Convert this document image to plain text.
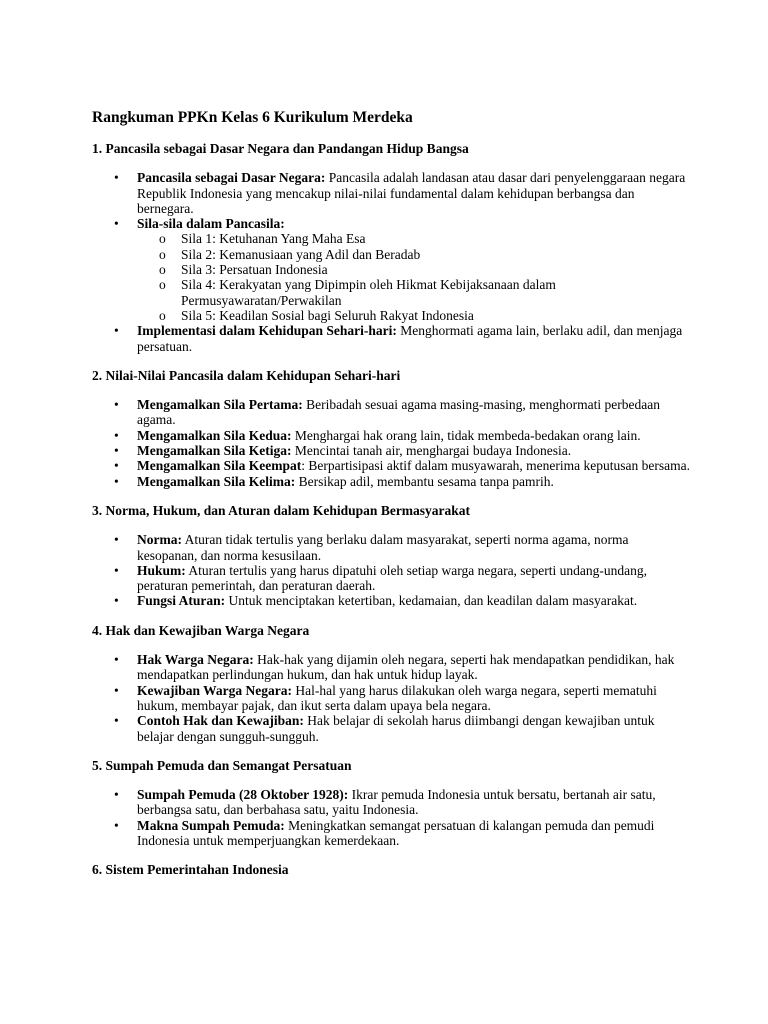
Rangkuman PPKn Kelas 6 Kurikulum Merdeka
1. Pancasila sebagai Dasar Negara dan Pandangan Hidup Bangsa
• Pancasila sebagai Dasar Negara: Pancasila adalah landasan atau dasar dari penyelenggaraan negara Republik Indonesia yang mencakup nilai-nilai fundamental dalam kehidupan berbangsa dan bernegara.
• Sila-sila dalam Pancasila:
o Sila 1: Ketuhanan Yang Maha Esa
o Sila 2: Kemanusiaan yang Adil dan Beradab
o Sila 3: Persatuan Indonesia
o Sila 4: Kerakyatan yang Dipimpin oleh Hikmat Kebijaksanaan dalam Permusyawaratan/Perwakilan
o Sila 5: Keadilan Sosial bagi Seluruh Rakyat Indonesia
• Implementasi dalam Kehidupan Sehari-hari: Menghormati agama lain, berlaku adil, dan menjaga persatuan.
2. Nilai-Nilai Pancasila dalam Kehidupan Sehari-hari
• Mengamalkan Sila Pertama: Beribadah sesuai agama masing-masing, menghormati perbedaan agama.
• Mengamalkan Sila Kedua: Menghargai hak orang lain, tidak membeda-bedakan orang lain.
• Mengamalkan Sila Ketiga: Mencintai tanah air, menghargai budaya Indonesia.
• Mengamalkan Sila Keempat: Berpartisipasi aktif dalam musyawarah, menerima keputusan bersama.
• Mengamalkan Sila Kelima: Bersikap adil, membantu sesama tanpa pamrih.
3. Norma, Hukum, dan Aturan dalam Kehidupan Bermasyarakat
• Norma: Aturan tidak tertulis yang berlaku dalam masyarakat, seperti norma agama, norma kesopanan, dan norma kesusilaan.
• Hukum: Aturan tertulis yang harus dipatuhi oleh setiap warga negara, seperti undang-undang, peraturan pemerintah, dan peraturan daerah.
• Fungsi Aturan: Untuk menciptakan ketertiban, kedamaian, dan keadilan dalam masyarakat.
4. Hak dan Kewajiban Warga Negara
• Hak Warga Negara: Hak-hak yang dijamin oleh negara, seperti hak mendapatkan pendidikan, hak mendapatkan perlindungan hukum, dan hak untuk hidup layak.
• Kewajiban Warga Negara: Hal-hal yang harus dilakukan oleh warga negara, seperti mematuhi hukum, membayar pajak, dan ikut serta dalam upaya bela negara.
• Contoh Hak dan Kewajiban: Hak belajar di sekolah harus diimbangi dengan kewajiban untuk belajar dengan sungguh-sungguh.
5. Sumpah Pemuda dan Semangat Persatuan
• Sumpah Pemuda (28 Oktober 1928): Ikrar pemuda Indonesia untuk bersatu, bertanah air satu, berbangsa satu, dan berbahasa satu, yaitu Indonesia.
• Makna Sumpah Pemuda: Meningkatkan semangat persatuan di kalangan pemuda dan pemudi Indonesia untuk memperjuangkan kemerdekaan.
6. Sistem Pemerintahan Indonesia
